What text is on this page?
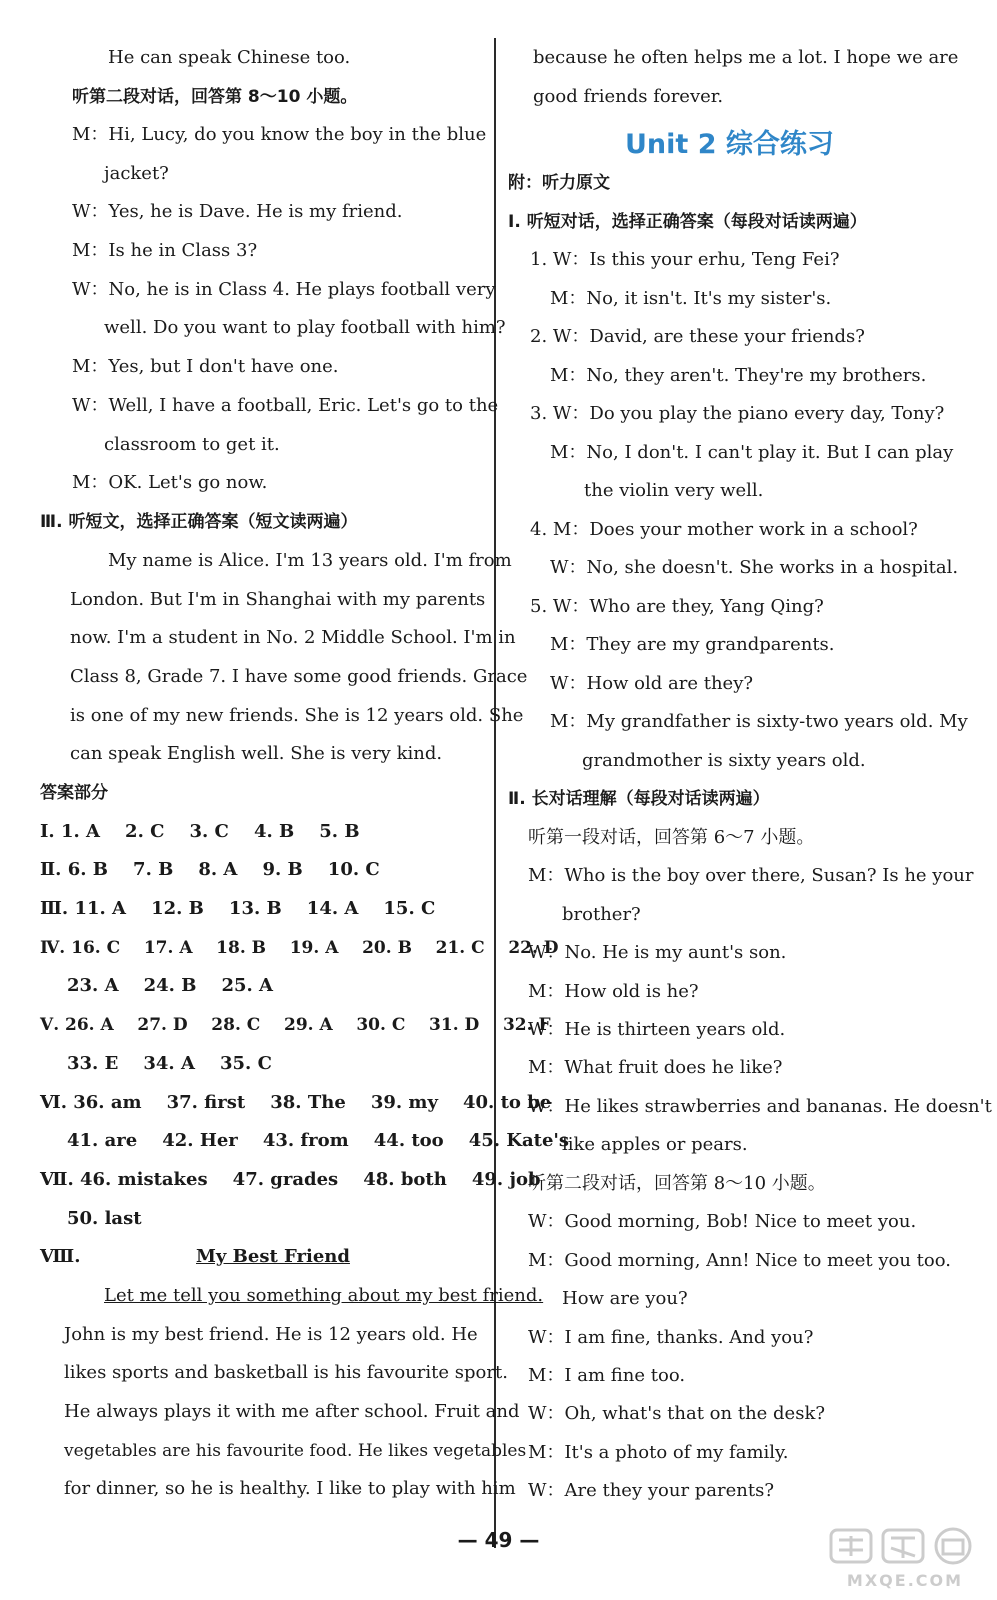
He can speak Chinese too.
听第二段对话，回答第 8～10 小题。
M：Hi, Lucy, do you know the boy in the blue
jacket?
W：Yes, he is Dave. He is my friend.
M：Is he in Class 3?
W：No, he is in Class 4. He plays football very
well. Do you want to play football with him?
M：Yes, but I don't have one.
W：Well, I have a football, Eric. Let's go to the
classroom to get it.
M：OK. Let's go now.
Ⅲ. 听短文，选择正确答案（短文读两遍）
My name is Alice. I'm 13 years old. I'm from
London. But I'm in Shanghai with my parents
now. I'm a student in No. 2 Middle School. I'm in
Class 8, Grade 7. I have some good friends. Grace
is one of my new friends. She is 12 years old. She
can speak English well. She is very kind.
答案部分
Ⅰ. 1. A    2. C    3. C    4. B    5. B
Ⅱ. 6. B    7. B    8. A    9. B    10. C
Ⅲ. 11. A    12. B    13. B    14. A    15. C
Ⅳ. 16. C    17. A    18. B    19. A    20. B    21. C    22. D
23. A    24. B    25. A
Ⅴ. 26. A    27. D    28. C    29. A    30. C    31. D    32. F
33. E    34. A    35. C
Ⅵ. 36. am    37. first    38. The    39. my    40. to be
41. are    42. Her    43. from    44. too    45. Kate's
Ⅶ. 46. mistakes    47. grades    48. both    49. job
50. last
Ⅷ.	My Best Friend
Let me tell you something about my best friend.
John is my best friend. He is 12 years old. He
likes sports and basketball is his favourite sport.
He always plays it with me after school. Fruit and
vegetables are his favourite food. He likes vegetables
for dinner, so he is healthy. I like to play with him
because he often helps me a lot. I hope we are
good friends forever.
Unit 2 综合练习
附：听力原文
Ⅰ. 听短对话，选择正确答案（每段对话读两遍）
1. W：Is this your erhu, Teng Fei?
M：No, it isn't. It's my sister's.
2. W：David, are these your friends?
M：No, they aren't. They're my brothers.
3. W：Do you play the piano every day, Tony?
M：No, I don't. I can't play it. But I can play
the violin very well.
4. M：Does your mother work in a school?
W：No, she doesn't. She works in a hospital.
5. W：Who are they, Yang Qing?
M：They are my grandparents.
W：How old are they?
M：My grandfather is sixty-two years old. My
grandmother is sixty years old.
Ⅱ. 长对话理解（每段对话读两遍）
听第一段对话，回答第 6～7 小题。
M：Who is the boy over there, Susan? Is he your
brother?
W：No. He is my aunt's son.
M：How old is he?
W：He is thirteen years old.
M：What fruit does he like?
W：He likes strawberries and bananas. He doesn't
like apples or pears.
听第二段对话，回答第 8～10 小题。
W：Good morning, Bob! Nice to meet you.
M：Good morning, Ann! Nice to meet you too.
How are you?
W：I am fine, thanks. And you?
M：I am fine too.
W：Oh, what's that on the desk?
M：It's a photo of my family.
W：Are they your parents?
— 49 —
MXQE.COM
